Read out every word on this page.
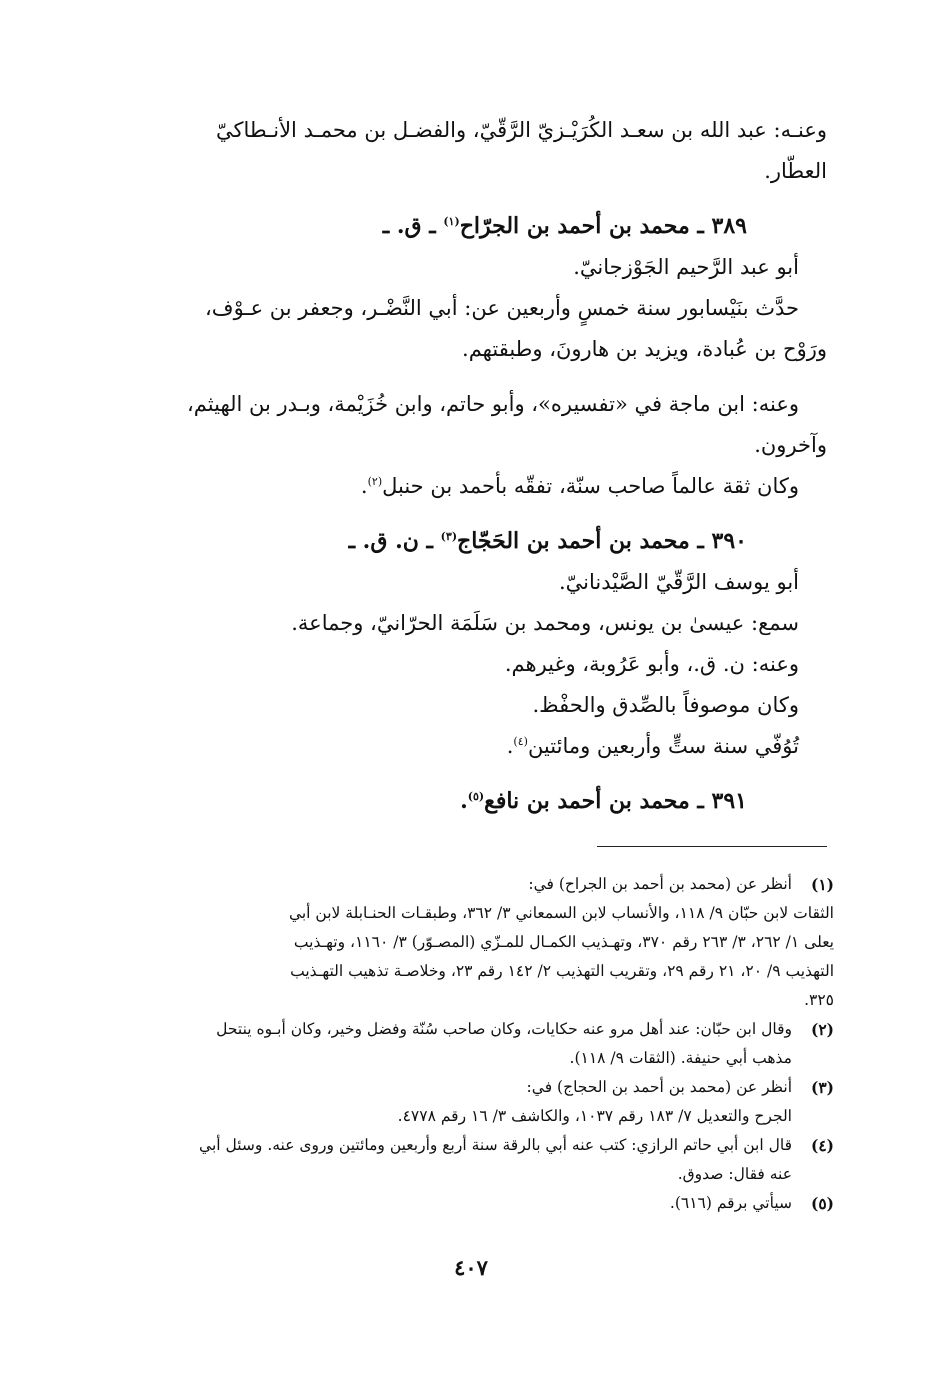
وعنـه: عبد الله بن سعـد الكُرَيْـزيّ الرَّقّيّ، والفضـل بن محمـد الأنـطاكيّ
العطّار.
٣٨٩ ـ محمد بن أحمد بن الجرّاح$^{(١)}$ ـ ق. ـ
أبو عبد الرَّحيم الجَوْزجانيّ.
حدَّث بنَيْسابور سنة خمسٍ وأربعين عن: أبي النَّضْـر، وجعفر بن عـوْف،
ورَوْح بن عُبادة، ويزيد بن هارونَ، وطبقتهم.
وعنه: ابن ماجة في «تفسيره»، وأبو حاتم، وابن خُزَيْمة، وبـدر بن الهيثم،
وآخرون.
وكان ثقة عالماً صاحب سنّة، تفقّه بأحمد بن حنبل$^{(٢)}$.
٣٩٠ ـ محمد بن أحمد بن الحَجّاج$^{(٣)}$ ـ ن. ق. ـ
أبو يوسف الرَّقّيّ الصَّيْدنانيّ.
سمع: عيسىٰ بن يونس، ومحمد بن سَلَمَة الحرّانيّ، وجماعة.
وعنه: ن. ق.، وأبو عَرُوبة، وغيرهم.
وكان موصوفاً بالصِّدق والحفْظ.
تُوُفّي سنة ستٍّ وأربعين ومائتين$^{(٤)}$.
٣٩١ ـ محمد بن أحمد بن نافع$^{(٥)}$.
(١)
أنظر عن (محمد بن أحمد بن الجراح) في:
الثقات لابن حبّان ٩/ ١١٨، والأنساب لابن السمعاني ٣/ ٣٦٢، وطبقـات الحنـابلة لابن أبي
يعلى ١/ ٢٦٢، ٣/ ٢٦٣ رقم ٣٧٠، وتهـذيب الكمـال للمـزّي (المصـوّر) ٣/ ١١٦٠، وتهـذيب
التهذيب ٩/ ٢٠، ٢١ رقم ٢٩، وتقريب التهذيب ٢/ ١٤٢ رقم ٢٣، وخلاصـة تذهيب التهـذيب
٣٢٥.
(٢)
وقال ابن حبّان: عند أهل مرو عنه حكايات، وكان صاحب سُنّة وفضل وخير، وكان أبـوه ينتحل
مذهب أبي حنيفة. (الثقات ٩/ ١١٨).
(٣)
أنظر عن (محمد بن أحمد بن الحجاج) في:
الجرح والتعديل ٧/ ١٨٣ رقم ١٠٣٧، والكاشف ٣/ ١٦ رقم ٤٧٧٨.
(٤)
قال ابن أبي حاتم الرازي: كتب عنه أبي بالرقة سنة أربع وأربعين ومائتين وروى عنه. وسئل أبي
عنه فقال: صدوق.
(٥)
سيأتي برقم (٦١٦).
٤٠٧
